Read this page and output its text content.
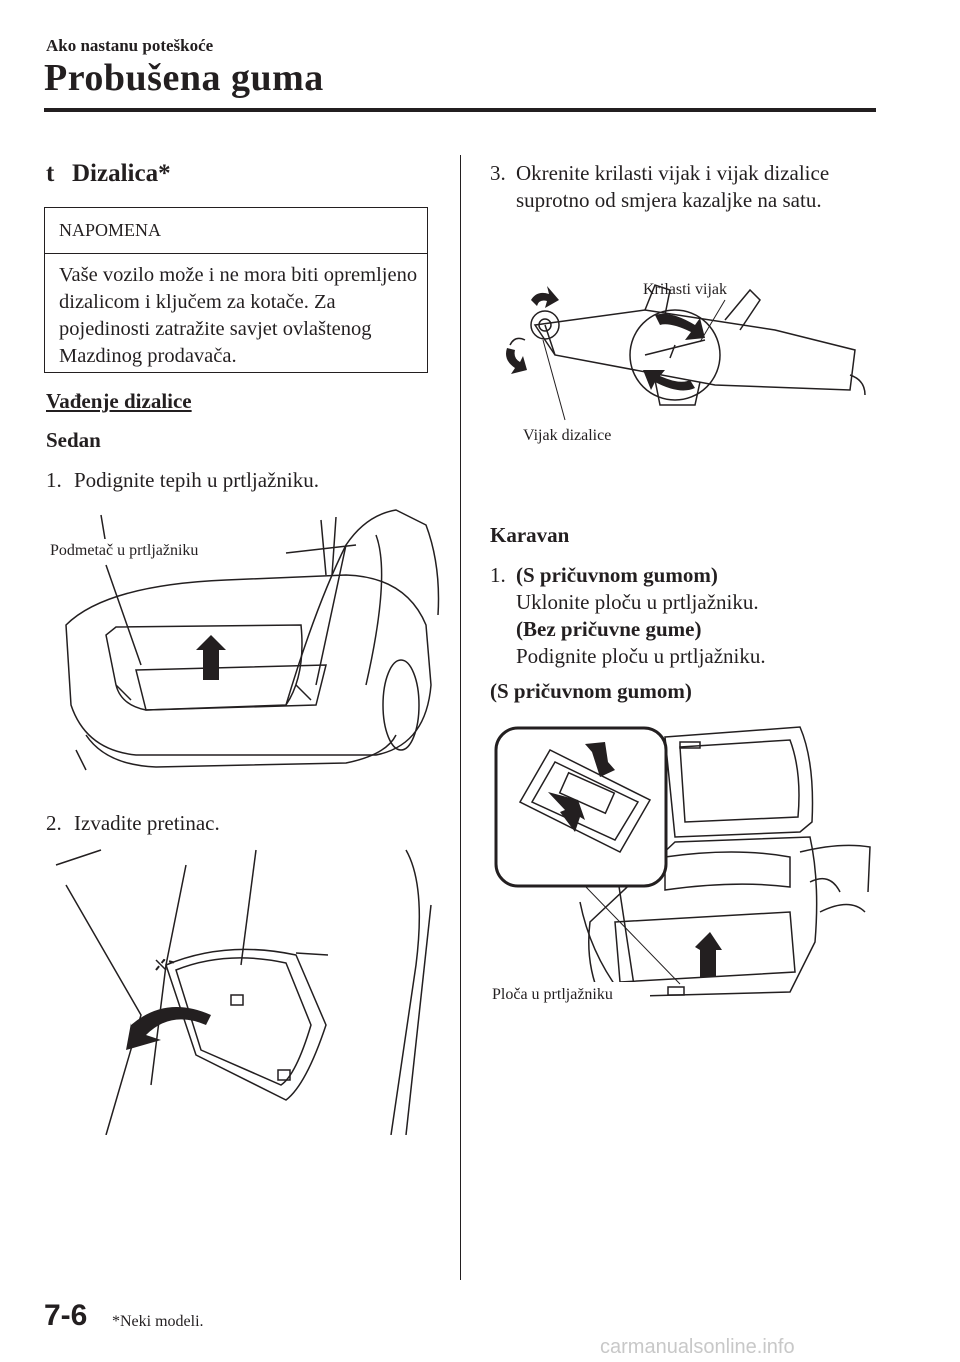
Ako nastanu poteškoće
Probušena guma
t Dizalica*
NAPOMENA
Vaše vozilo može i ne mora biti opremljeno dizalicom i ključem za kotače. Za pojedinosti zatražite savjet ovlaštenog Mazdinog prodavača.
Vađenje dizalice
Sedan
1. Podignite tepih u prtljažniku.
Podmetač u prtljažniku
2. Izvadite pretinac.
3. Okrenite krilasti vijak i vijak dizalice
suprotno od smjera kazaljke na satu.
Krilasti vijak
Vijak dizalice
Karavan
1. (S pričuvnom gumom)
Uklonite ploču u prtljažniku.
(Bez pričuvne gume)
Podignite ploču u prtljažniku.
(S pričuvnom gumom)
Ploča u prtljažniku
7-6 *Neki modeli.
carmanualsonline.info
